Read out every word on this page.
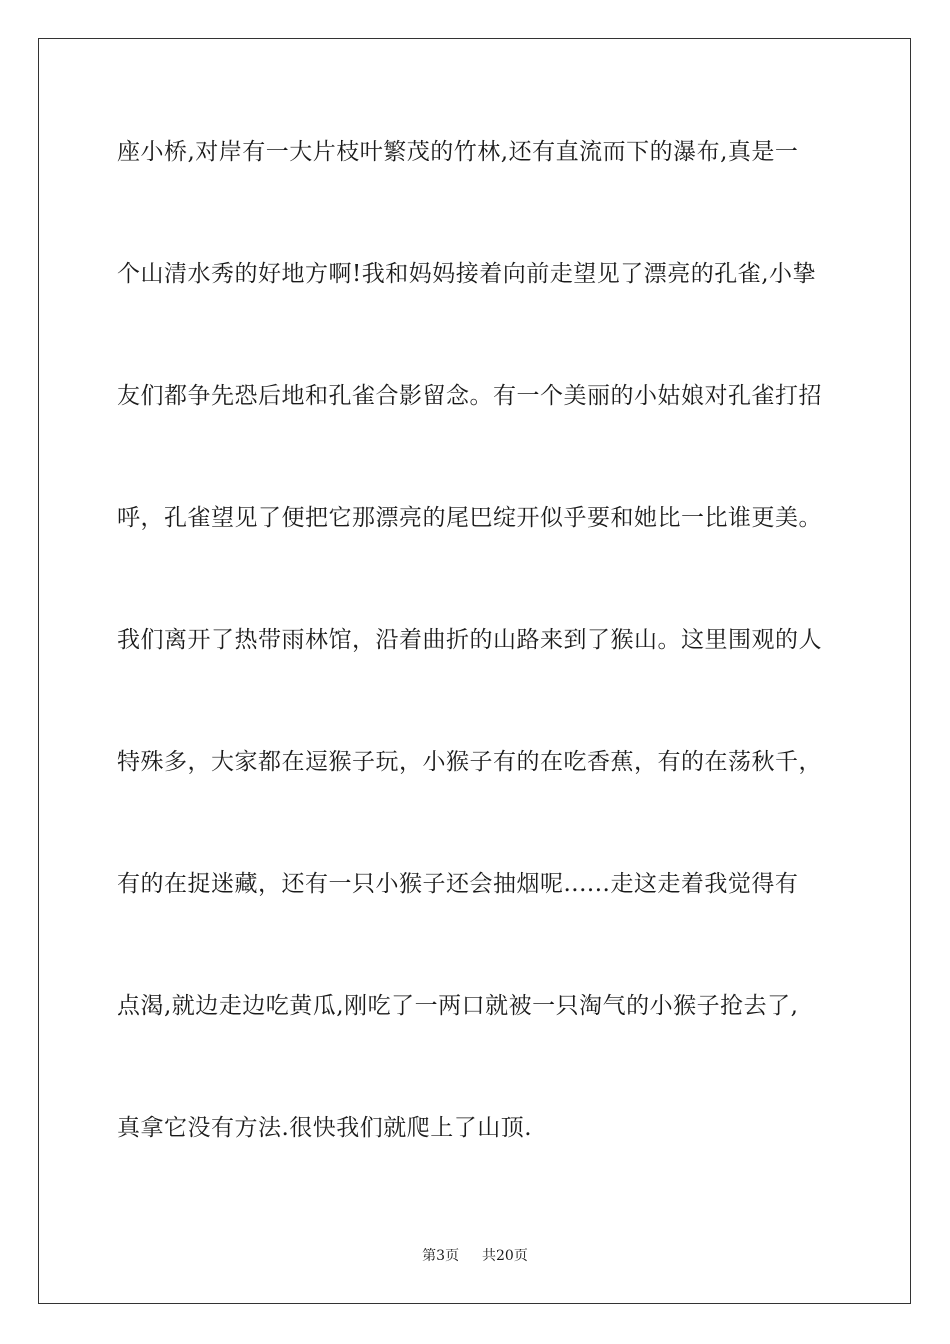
座小桥,对岸有一大片枝叶繁茂的竹林,还有直流而下的瀑布,真是一
个山清水秀的好地方啊!我和妈妈接着向前走望见了漂亮的孔雀,小挚
友们都争先恐后地和孔雀合影留念。有一个美丽的小姑娘对孔雀打招
呼，孔雀望见了便把它那漂亮的尾巴绽开似乎要和她比一比谁更美。
我们离开了热带雨林馆，沿着曲折的山路来到了猴山。这里围观的人
特殊多，大家都在逗猴子玩，小猴子有的在吃香蕉，有的在荡秋千，
有的在捉迷藏，还有一只小猴子还会抽烟呢......走这走着我觉得有
点渴,就边走边吃黄瓜,刚吃了一两口就被一只淘气的小猴子抢去了,
真拿它没有方法.很快我们就爬上了山顶.
第3页 共20页
